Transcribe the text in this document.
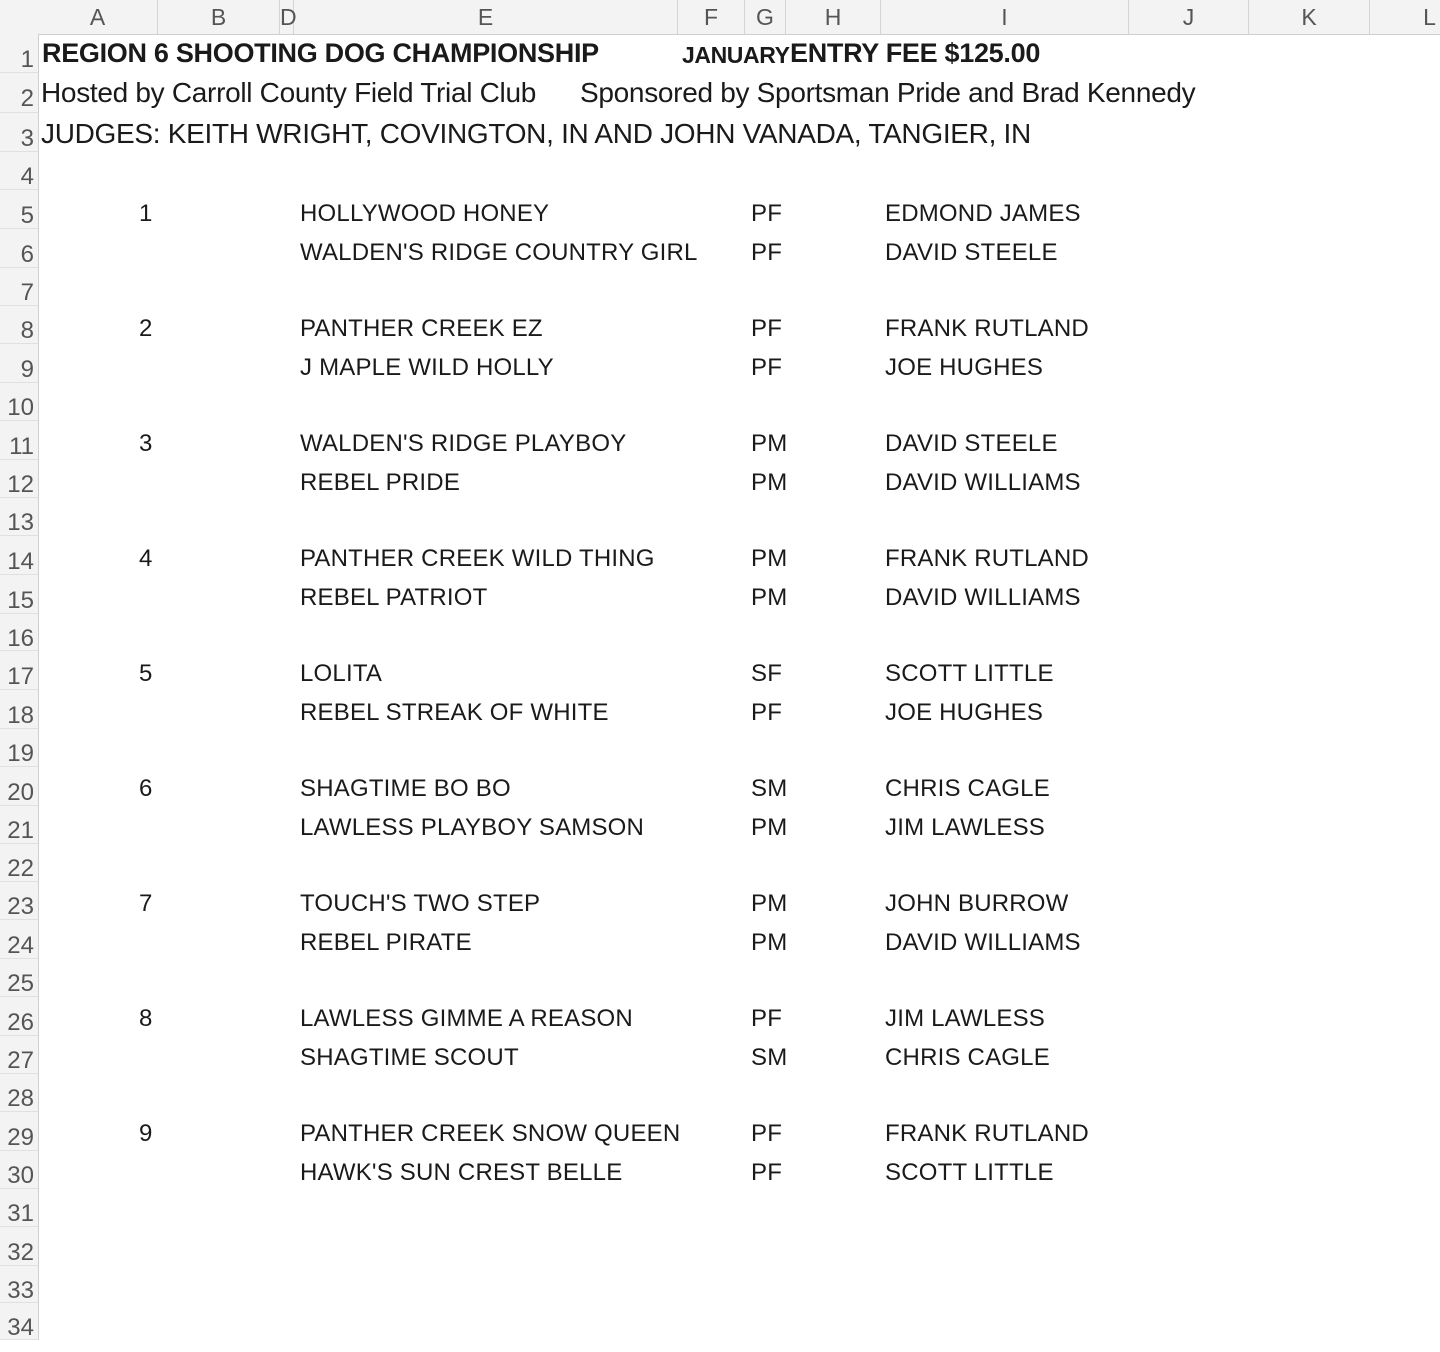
A	B	D	E	F	G	H	I	J	K	L
1
2
3
4
5
6
7
8
9
10
11
12
13
14
15
16
17
18
19
20
21
22
23
24
25
26
27
28
29
30
31
32
33
34
REGION 6 SHOOTING DOG CHAMPIONSHIP	JANUARY ENTRY FEE $125.00
Hosted by Carroll County Field Trial Club Sponsored by Sportsman Pride and Brad Kennedy
JUDGES: KEITH WRIGHT, COVINGTON, IN AND JOHN VANADA, TANGIER, IN
1	HOLLYWOOD HONEY	PF	EDMOND JAMES
WALDEN'S RIDGE COUNTRY GIRL PF	DAVID STEELE
2	PANTHER CREEK EZ	PF	FRANK RUTLAND
J MAPLE WILD HOLLY	PF	JOE HUGHES
3	WALDEN'S RIDGE PLAYBOY	PM	DAVID STEELE
REBEL PRIDE	PM	DAVID WILLIAMS
4	PANTHER CREEK WILD THING	PM	FRANK RUTLAND
REBEL PATRIOT	PM	DAVID WILLIAMS
5	LOLITA	SF	SCOTT LITTLE
REBEL STREAK OF WHITE	PF	JOE HUGHES
6	SHAGTIME BO BO	SM	CHRIS CAGLE
LAWLESS PLAYBOY SAMSON	PM	JIM LAWLESS
7	TOUCH'S TWO STEP	PM	JOHN BURROW
REBEL PIRATE	PM	DAVID WILLIAMS
8	LAWLESS GIMME A REASON	PF	JIM LAWLESS
SHAGTIME SCOUT	SM	CHRIS CAGLE
9	PANTHER CREEK SNOW QUEEN	PF	FRANK RUTLAND
HAWK'S SUN CREST BELLE	PF	SCOTT LITTLE
